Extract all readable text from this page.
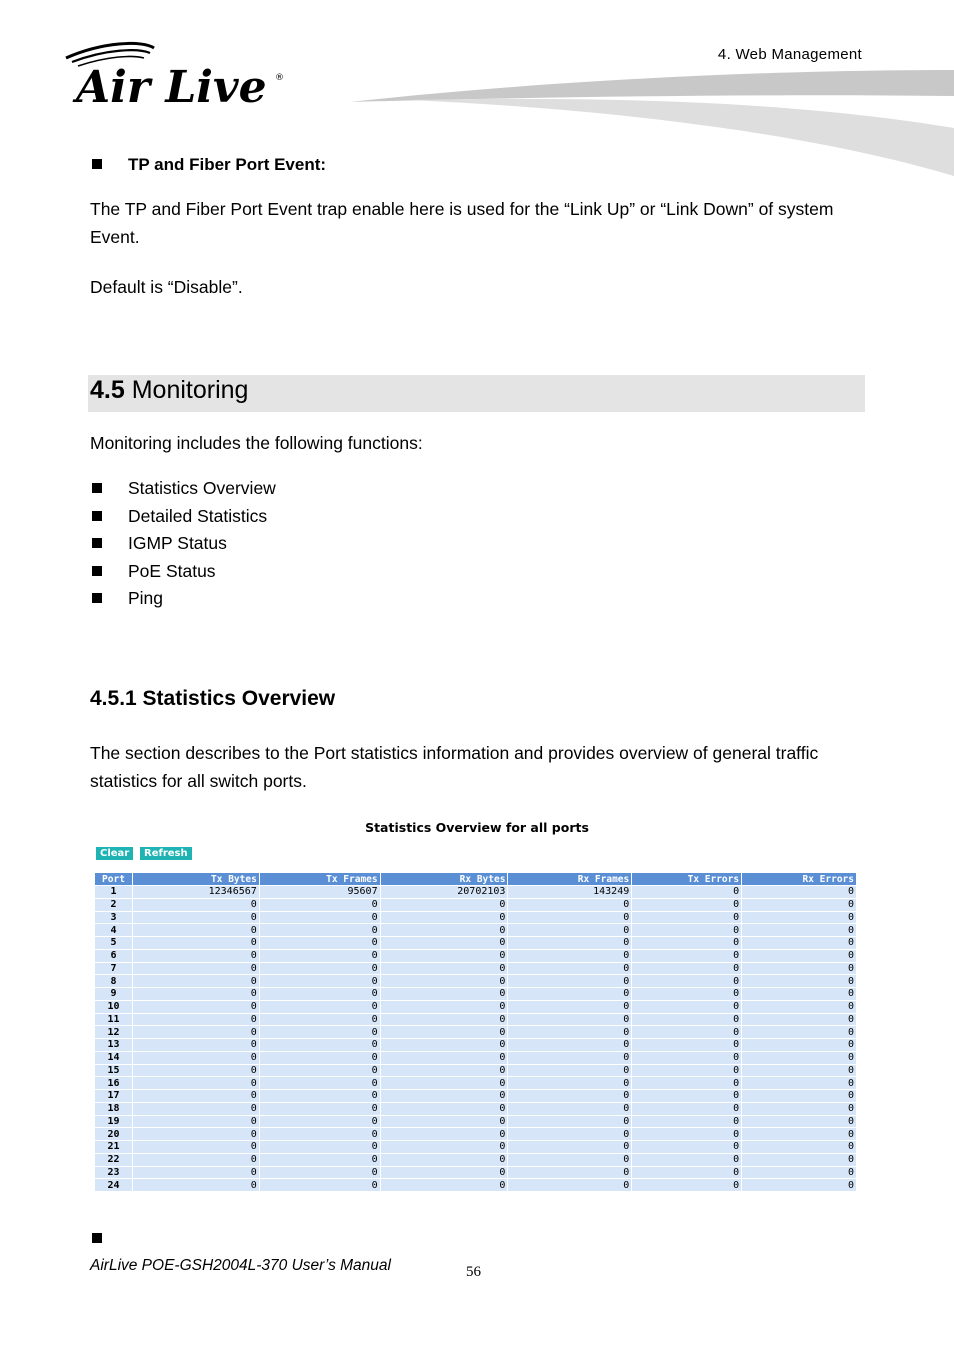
Air Live ®
4. Web Management
TP and Fiber Port Event:
The TP and Fiber Port Event trap enable here is used for the “Link Up” or “Link Down” of system Event.
Default is “Disable”.
4.5 Monitoring
Monitoring includes the following functions:
Statistics Overview
Detailed Statistics
IGMP Status
PoE Status
Ping
4.5.1 Statistics Overview
The section describes to the Port statistics information and provides overview of general traffic statistics for all switch ports.
Statistics Overview for all ports
Clear	Refresh
Port	Tx Bytes	Tx Frames	Rx Bytes	Rx Frames	Tx Errors	Rx Errors
1	12346567	95607	20702103	143249	0	0
2	0	0	0	0	0	0
3	0	0	0	0	0	0
4	0	0	0	0	0	0
5	0	0	0	0	0	0
6	0	0	0	0	0	0
7	0	0	0	0	0	0
8	0	0	0	0	0	0
9	0	0	0	0	0	0
10	0	0	0	0	0	0
11	0	0	0	0	0	0
12	0	0	0	0	0	0
13	0	0	0	0	0	0
14	0	0	0	0	0	0
15	0	0	0	0	0	0
16	0	0	0	0	0	0
17	0	0	0	0	0	0
18	0	0	0	0	0	0
19	0	0	0	0	0	0
20	0	0	0	0	0	0
21	0	0	0	0	0	0
22	0	0	0	0	0	0
23	0	0	0	0	0	0
24	0	0	0	0	0	0
AirLive POE-GSH2004L-370 User’s Manual	56
